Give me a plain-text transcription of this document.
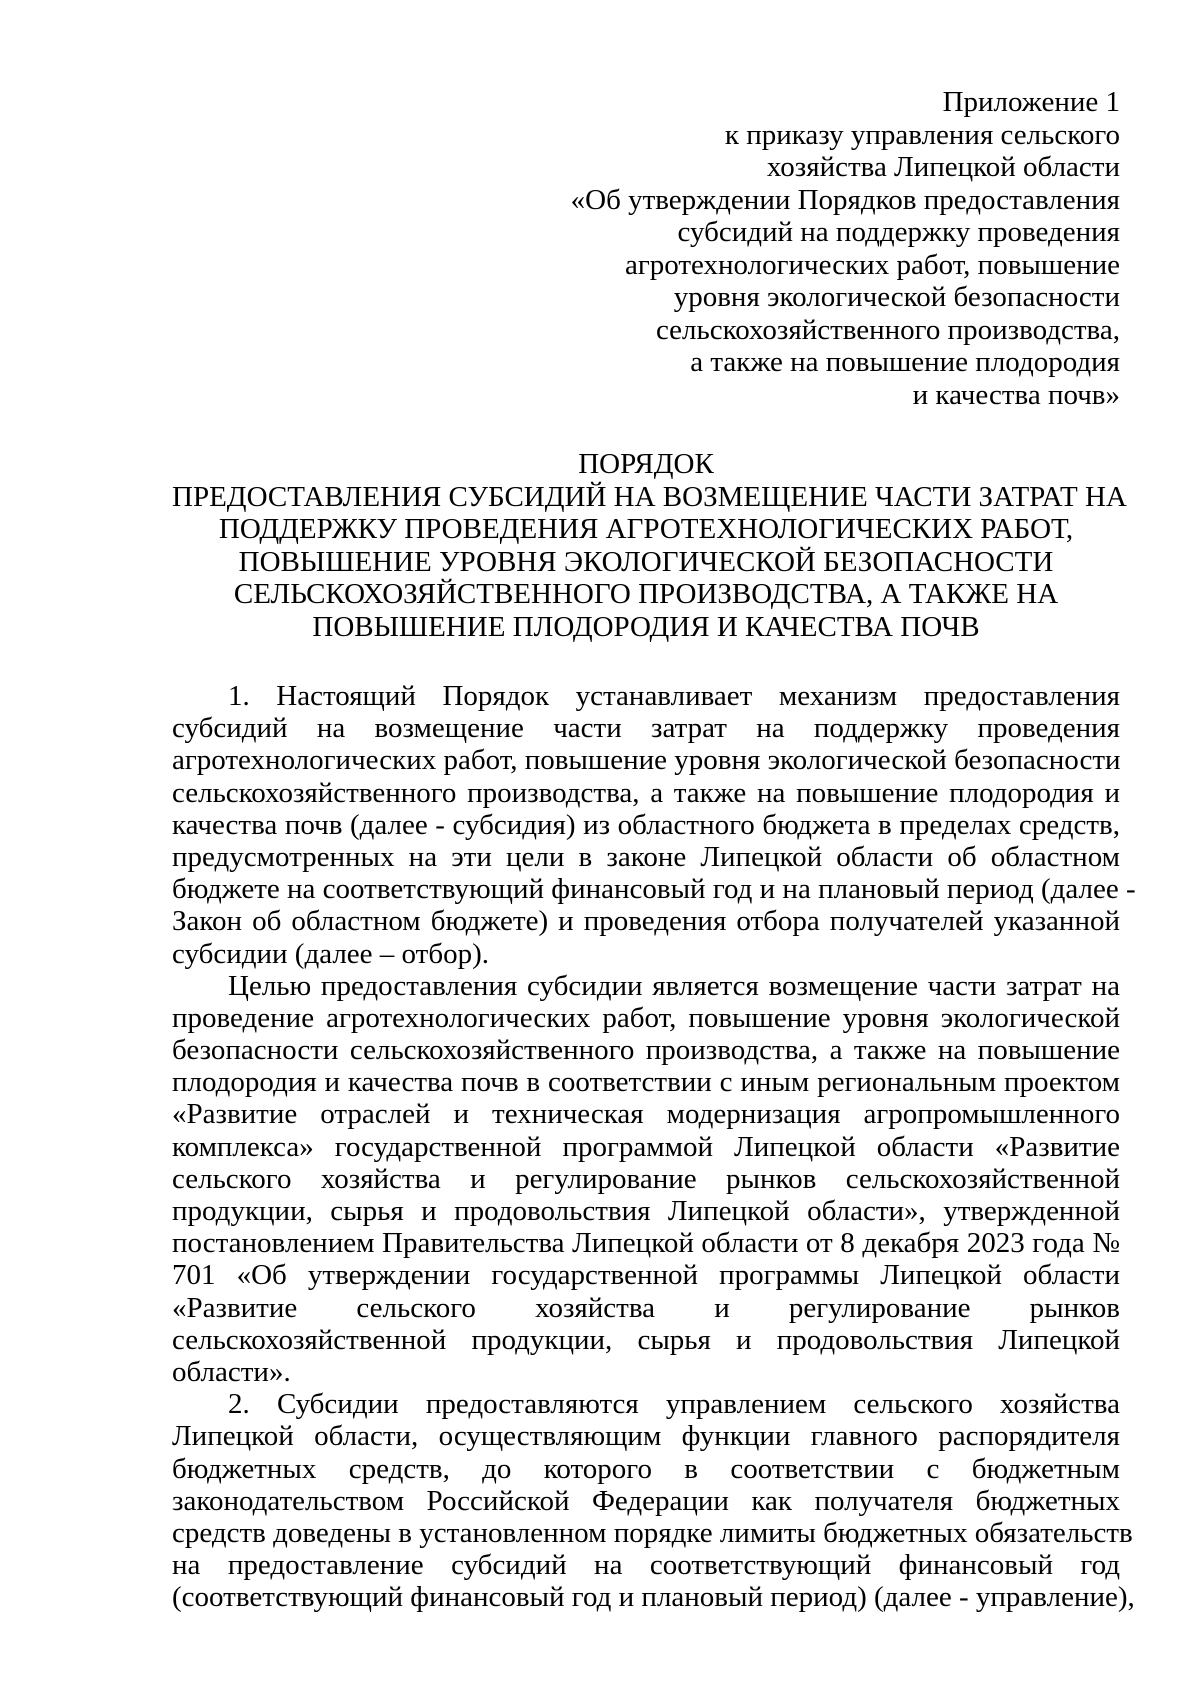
Приложение 1
к приказу управления сельского
хозяйства Липецкой области
«Об утверждении Порядков предоставления
субсидий на поддержку проведения
агротехнологических работ, повышение
уровня экологической безопасности
сельскохозяйственного производства,
а также на повышение плодородия
и качества почв»
ПОРЯДОК
ПРЕДОСТАВЛЕНИЯ СУБСИДИЙ НА ВОЗМЕЩЕНИЕ ЧАСТИ ЗАТРАТ НА
ПОДДЕРЖКУ ПРОВЕДЕНИЯ АГРОТЕХНОЛОГИЧЕСКИХ РАБОТ,
ПОВЫШЕНИЕ УРОВНЯ ЭКОЛОГИЧЕСКОЙ БЕЗОПАСНОСТИ
СЕЛЬСКОХОЗЯЙСТВЕННОГО ПРОИЗВОДСТВА, А ТАКЖЕ НА
ПОВЫШЕНИЕ ПЛОДОРОДИЯ И КАЧЕСТВА ПОЧВ
1. Настоящий Порядок устанавливает механизм предоставления
субсидий на возмещение части затрат на поддержку проведения
агротехнологических работ, повышение уровня экологической безопасности
сельскохозяйственного производства, а также на повышение плодородия и
качества почв (далее - субсидия) из областного бюджета в пределах средств,
предусмотренных на эти цели в законе Липецкой области об областном
бюджете на соответствующий финансовый год и на плановый период (далее -
Закон об областном бюджете) и проведения отбора получателей указанной
субсидии (далее – отбор).
Целью предоставления субсидии является возмещение части затрат на
проведение агротехнологических работ, повышение уровня экологической
безопасности сельскохозяйственного производства, а также на повышение
плодородия и качества почв в соответствии с иным региональным проектом
«Развитие отраслей и техническая модернизация агропромышленного
комплекса» государственной программой Липецкой области «Развитие
сельского хозяйства и регулирование рынков сельскохозяйственной
продукции, сырья и продовольствия Липецкой области», утвержденной
постановлением Правительства Липецкой области от 8 декабря 2023 года №
701 «Об утверждении государственной программы Липецкой области
«Развитие сельского хозяйства и регулирование рынков
сельскохозяйственной продукции, сырья и продовольствия Липецкой
области».
2. Субсидии предоставляются управлением сельского хозяйства
Липецкой области, осуществляющим функции главного распорядителя
бюджетных средств, до которого в соответствии с бюджетным
законодательством Российской Федерации как получателя бюджетных
средств доведены в установленном порядке лимиты бюджетных обязательств
на предоставление субсидий на соответствующий финансовый год
(соответствующий финансовый год и плановый период) (далее - управление),
